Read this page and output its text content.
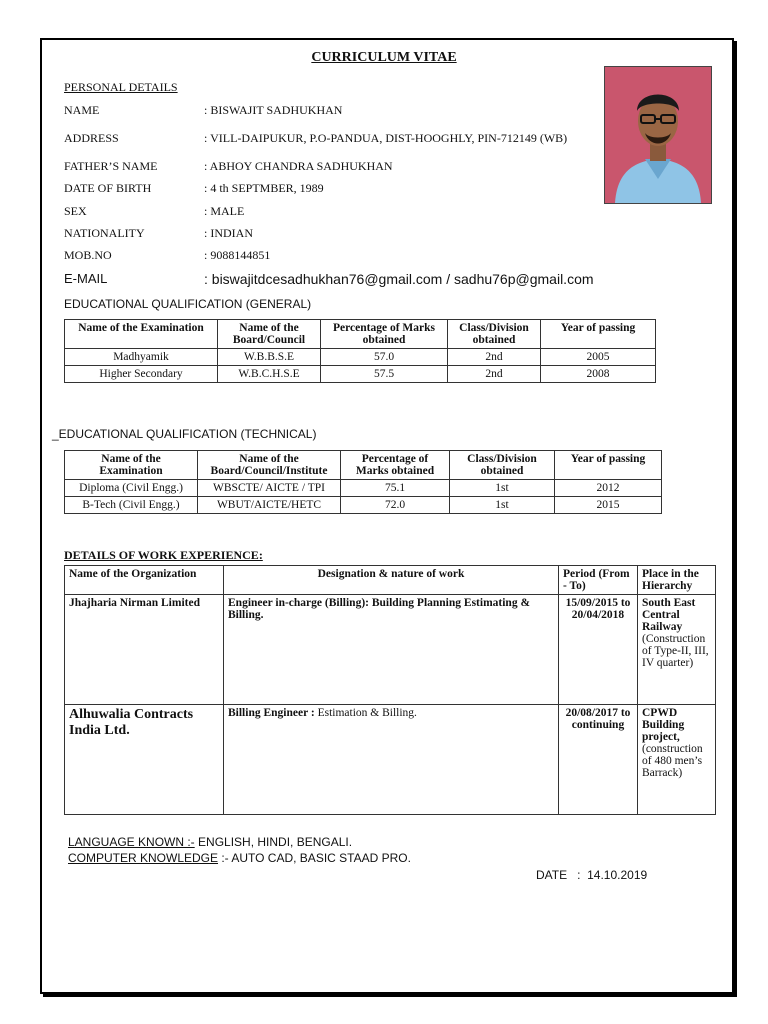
CURRICULUM VITAE
PERSONAL DETAILS
NAME	: BISWAJIT SADHUKHAN
ADDRESS	: VILL-DAIPUKUR, P.O-PANDUA, DIST-HOOGHLY, PIN-712149 (WB)
FATHER’S NAME	: ABHOY CHANDRA SADHUKHAN
DATE OF BIRTH	: 4 th SEPTMBER, 1989
SEX	: MALE
NATIONALITY	: INDIAN
MOB.NO	: 9088144851
E-MAIL	: biswajitdcesadhukhan76@gmail.com / sadhu76p@gmail.com
EDUCATIONAL QUALIFICATION (GENERAL)
Name of the Examination	Name of the Board/Council	Percentage of Marks obtained	Class/Division obtained	Year of passing
Madhyamik	W.B.B.S.E	57.0	2nd	2005
Higher Secondary	W.B.C.H.S.E	57.5	2nd	2008
_EDUCATIONAL QUALIFICATION (TECHNICAL)
Name of the Examination	Name of the Board/Council/Institute	Percentage of Marks obtained	Class/Division obtained	Year of passing
Diploma (Civil Engg.)	WBSCTE/ AICTE / TPI	75.1	1st	2012
B-Tech (Civil Engg.)	WBUT/AICTE/HETC	72.0	1st	2015
DETAILS OF WORK EXPERIENCE:
Name of the Organization	Designation & nature of work	Period (From - To)	Place in the Hierarchy
Jhajharia Nirman Limited	Engineer in-charge (Billing): Building Planning Estimating & Billing.	15/09/2015 to 20/04/2018	South East Central Railway (Construction of Type-II, III, IV quarter)
Alhuwalia Contracts India Ltd.	Billing Engineer : Estimation & Billing.	20/08/2017 to continuing	CPWD Building project, (construction of 480 men’s Barrack)
LANGUAGE KNOWN :- ENGLISH, HINDI, BENGALI.
COMPUTER KNOWLEDGE :- AUTO CAD, BASIC STAAD PRO.
DATE   :  14.10.2019
